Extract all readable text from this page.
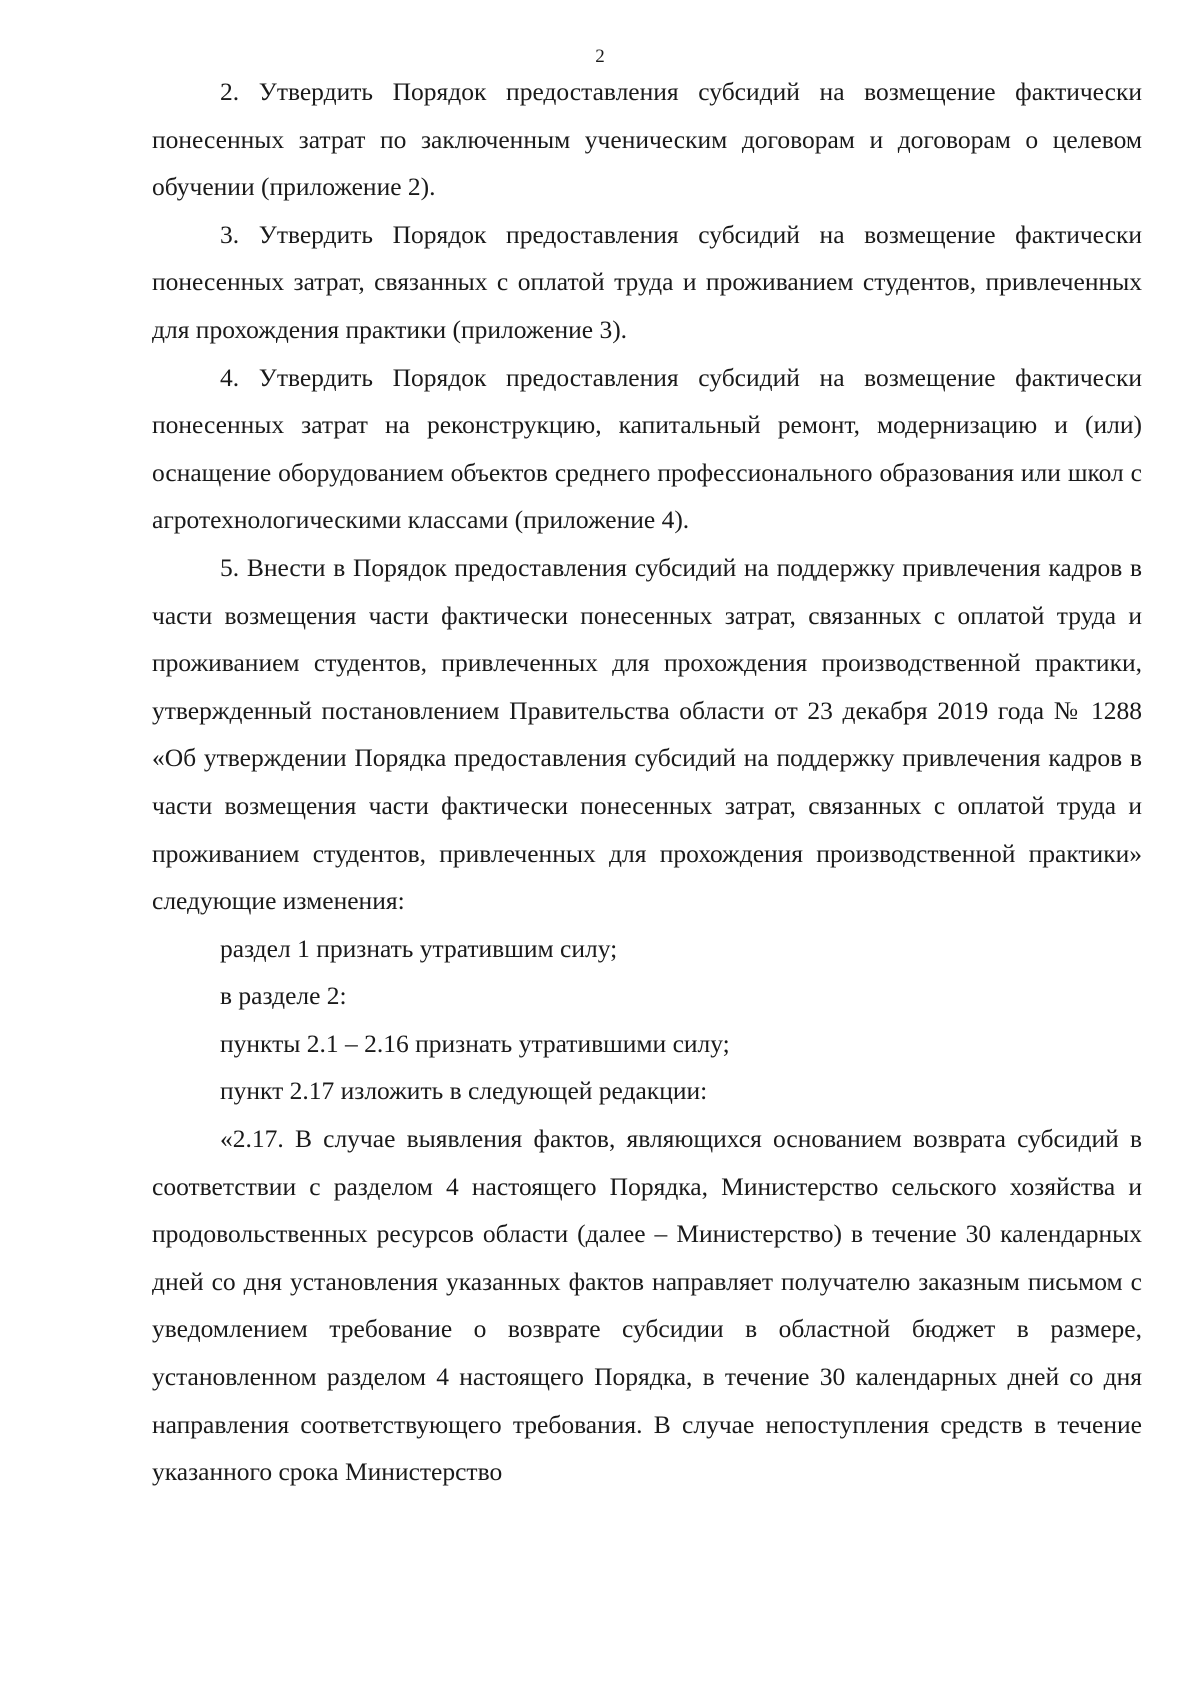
2

2. Утвердить Порядок предоставления субсидий на возмещение фактически понесенных затрат по заключенным ученическим договорам и договорам о целевом обучении (приложение 2).

3. Утвердить Порядок предоставления субсидий на возмещение фактически понесенных затрат, связанных с оплатой труда и проживанием студентов, привлеченных для прохождения практики (приложение 3).

4. Утвердить Порядок предоставления субсидий на возмещение фактически понесенных затрат на реконструкцию, капитальный ремонт, модернизацию и (или) оснащение оборудованием объектов среднего профессионального образования или школ с агротехнологическими классами (приложение 4).

5. Внести в Порядок предоставления субсидий на поддержку привлечения кадров в части возмещения части фактически понесенных затрат, связанных с оплатой труда и проживанием студентов, привлеченных для прохождения производственной практики, утвержденный постановлением Правительства области от 23 декабря 2019 года № 1288 «Об утверждении Порядка предоставления субсидий на поддержку привлечения кадров в части возмещения части фактически понесенных затрат, связанных с оплатой труда и проживанием студентов, привлеченных для прохождения производственной практики» следующие изменения:

раздел 1 признать утратившим силу;

в разделе 2:

пункты 2.1 – 2.16 признать утратившими силу;

пункт 2.17 изложить в следующей редакции:

«2.17. В случае выявления фактов, являющихся основанием возврата субсидий в соответствии с разделом 4 настоящего Порядка, Министерство сельского хозяйства и продовольственных ресурсов области (далее – Министерство) в течение 30 календарных дней со дня установления указанных фактов направляет получателю заказным письмом с уведомлением требование о возврате субсидии в областной бюджет в размере, установленном разделом 4 настоящего Порядка, в течение 30 календарных дней со дня направления соответствующего требования. В случае непоступления средств в течение указанного срока Министерство
